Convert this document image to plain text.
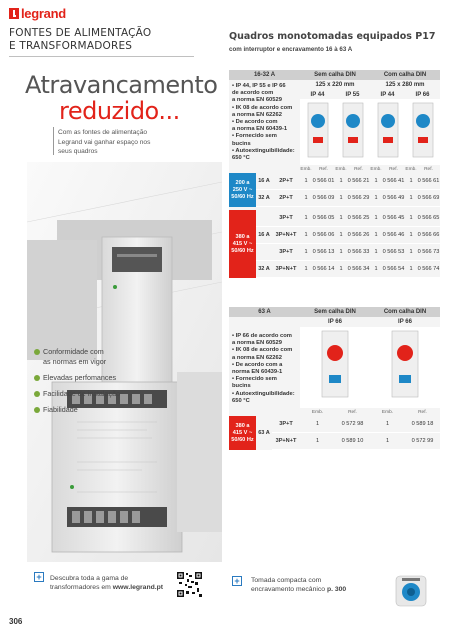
legrand
FONTES DE ALIMENTAÇÃO
E TRANSFORMADORES
Quadros monotomadas equipados P17
com interruptor e encravamento 16 à 63 A
Atravancamento
reduzido...
Com as fontes de alimentação
Legrand vai ganhar espaço nos
seus quadros
Conformidade com
as normas em vigor
Elevadas perfomances
Facilidade de instalação
Fiabilidade
16-32 A	Sem calha DIN	Com calha DIN
• IP 44, IP 55 e IP 66
de acordo com
a norma EN 60529
• IK 08 de acordo com
a norma EN 62262
• De acordo com
a norma EN 60439-1
• Fornecido sem
bucins
• Autoextinguibilidade:
650 °C
125 x 220 mm	125 x 280 mm
IP 44	IP 55	IP 44	IP 66
Emb.	Ref.	Emb.	Ref.	Emb.	Ref.	Emb.	Ref.
200 a
250 V ~
50/60 Hz
16 A	2P+T	1 0 566 01 1 0 566 21 1 0 566 41 1 0 566 61
32 A	2P+T	1 0 566 09 1 0 566 29 1 0 566 49 1 0 566 69
380 a
415 V ~
50/60 Hz
3P+T	1 0 566 05 1 0 566 25 1 0 566 45 1 0 566 65
16 A	3P+N+T	1 0 566 06 1 0 566 26 1 0 566 46 1 0 566 66
3P+T	1 0 566 13 1 0 566 33 1 0 566 53 1 0 566 73
32 A	3P+N+T	1 0 566 14 1 0 566 34 1 0 566 54 1 0 566 74
63 A	Sem calha DIN	Com calha DIN
• IP 66 de acordo com
a norma EN 60529
• IK 08 de acordo com
a norma EN 62262
• De acordo com a
norma EN 60439-1
• Fornecido sem bucins
• Autoextinguibilidade:
650 °C
IP 66	IP 66
Emb.	Ref.	Emb.	Ref.
380 a
415 V ~
50/60 Hz
63 A
3P+T	1	0 572 98	1	0 589 18
3P+N+T	1	0 589 10	1	0 572 99
+	Descubra toda a gama de
transformadores em www.legrand.pt
+	Tomada compacta com
encravamento mecânico p. 300
306
